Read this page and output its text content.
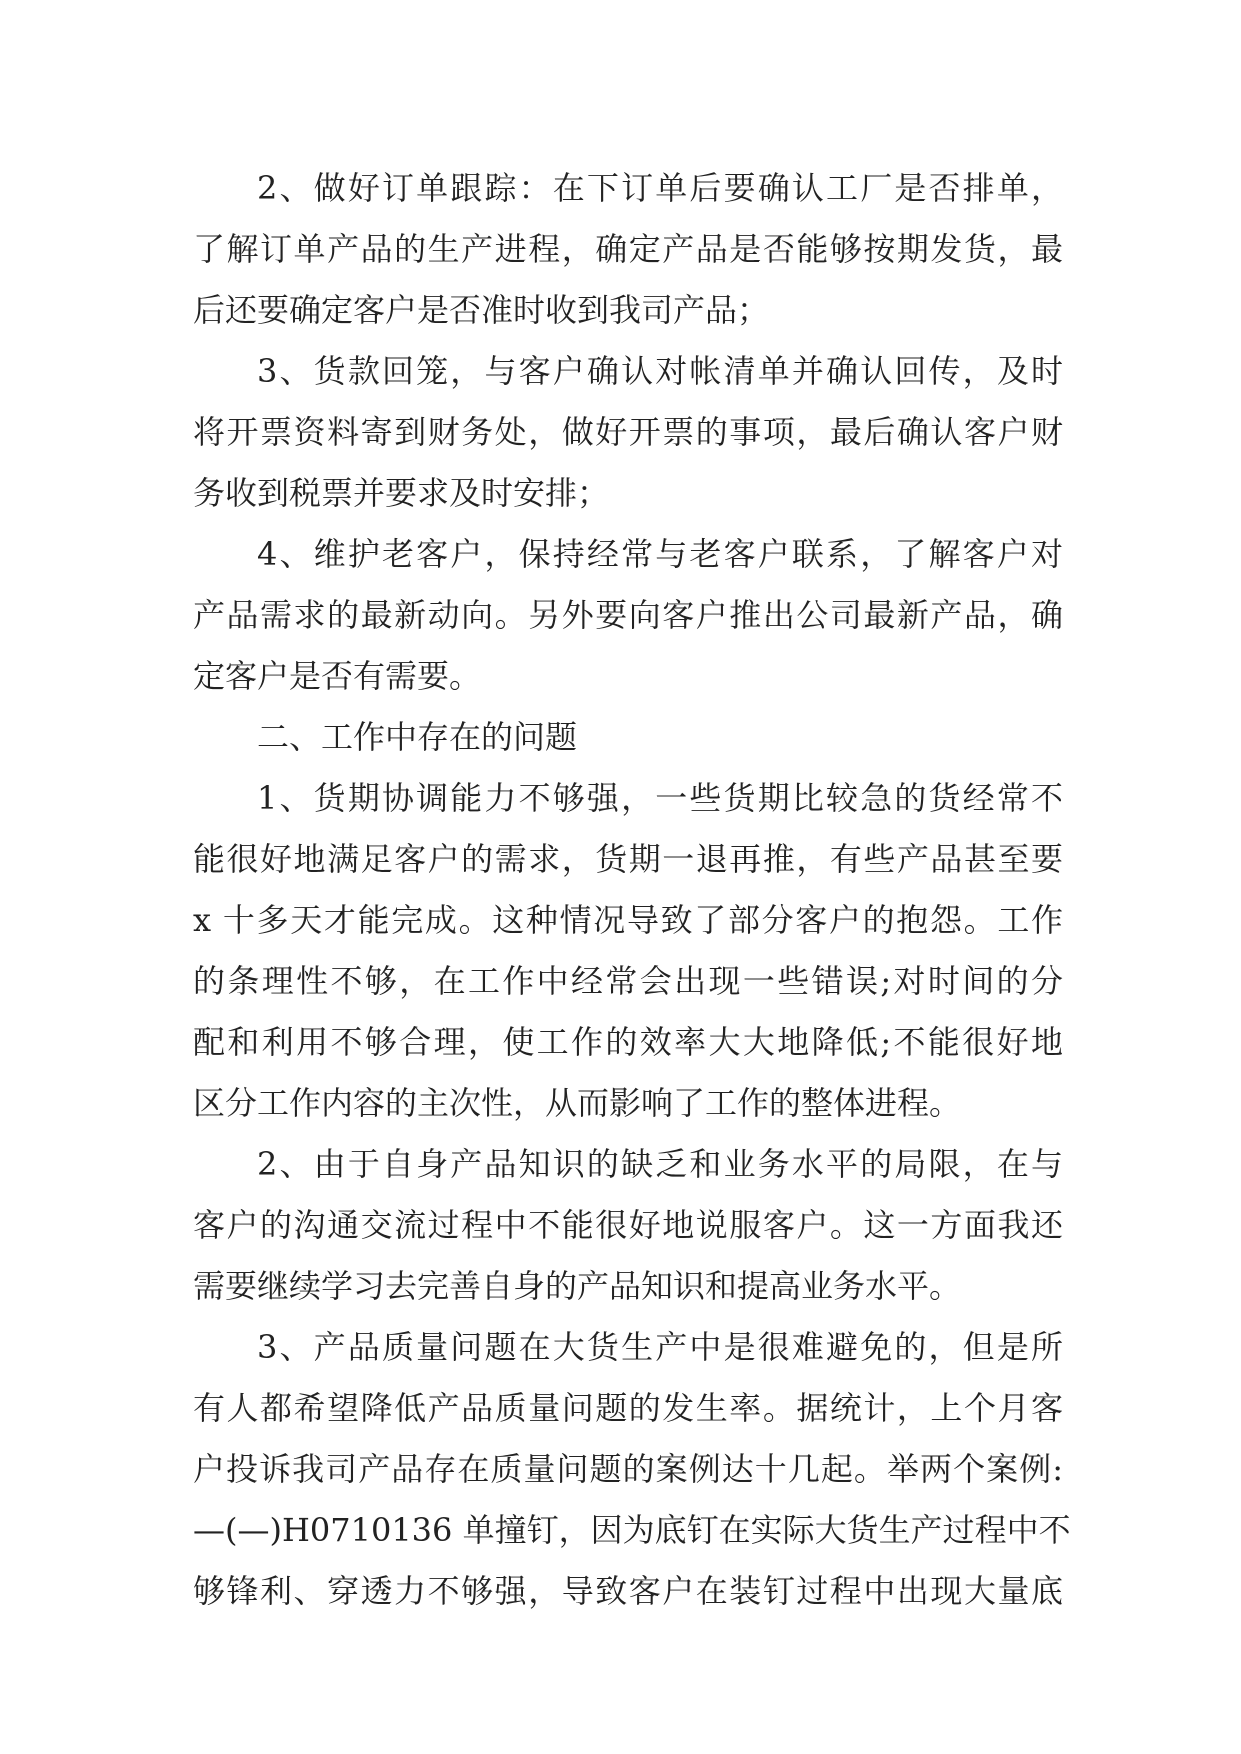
2、做好订单跟踪：在下订单后要确认工厂是否排单，
了解订单产品的生产进程，确定产品是否能够按期发货，最
后还要确定客户是否准时收到我司产品；
3、货款回笼，与客户确认对帐清单并确认回传，及时
将开票资料寄到财务处，做好开票的事项，最后确认客户财
务收到税票并要求及时安排；
4、维护老客户，保持经常与老客户联系，了解客户对
产品需求的最新动向。另外要向客户推出公司最新产品，确
定客户是否有需要。
二、工作中存在的问题
1、货期协调能力不够强，一些货期比较急的货经常不
能很好地满足客户的需求，货期一退再推，有些产品甚至要
x 十多天才能完成。这种情况导致了部分客户的抱怨。工作
的条理性不够，在工作中经常会出现一些错误;对时间的分
配和利用不够合理，使工作的效率大大地降低;不能很好地
区分工作内容的主次性，从而影响了工作的整体进程。
2、由于自身产品知识的缺乏和业务水平的局限，在与
客户的沟通交流过程中不能很好地说服客户。这一方面我还
需要继续学习去完善自身的产品知识和提高业务水平。
3、产品质量问题在大货生产中是很难避免的，但是所
有人都希望降低产品质量问题的发生率。据统计，上个月客
户投诉我司产品存在质量问题的案例达十几起。举两个案例:
—(—)H0710136 单撞钉，因为底钉在实际大货生产过程中不
够锋利、穿透力不够强，导致客户在装钉过程中出现大量底
